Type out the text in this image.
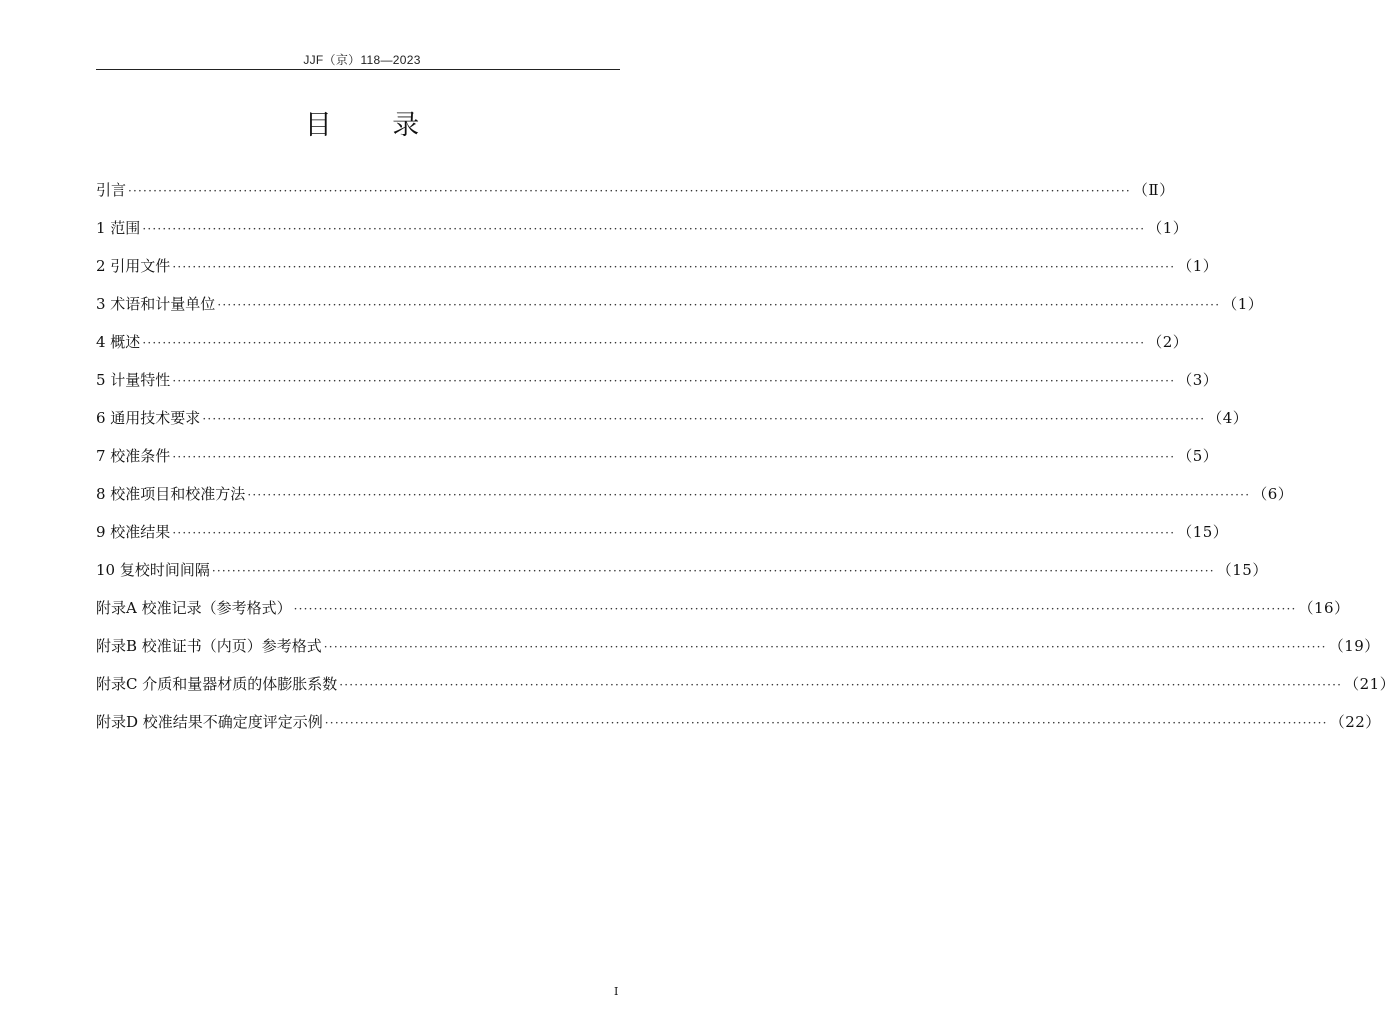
JJF（京）118—2023
目 录
引言 ········································································································································································································ （Ⅱ）
1 范围 ········································································································································································································ （1）
2 引用文件 ········································································································································································································ （1）
3 术语和计量单位 ········································································································································································································ （1）
4 概述 ········································································································································································································ （2）
5 计量特性 ········································································································································································································ （3）
6 通用技术要求 ········································································································································································································ （4）
7 校准条件 ········································································································································································································ （5）
8 校准项目和校准方法 ········································································································································································································ （6）
9 校准结果 ········································································································································································································ （15）
10 复校时间间隔 ········································································································································································································ （15）
附录A 校准记录（参考格式） ········································································································································································································ （16）
附录B 校准证书（内页）参考格式 ········································································································································································································ （19）
附录C 介质和量器材质的体膨胀系数 ········································································································································································································ （21）
附录D 校准结果不确定度评定示例 ········································································································································································································ （22）
Ⅰ
